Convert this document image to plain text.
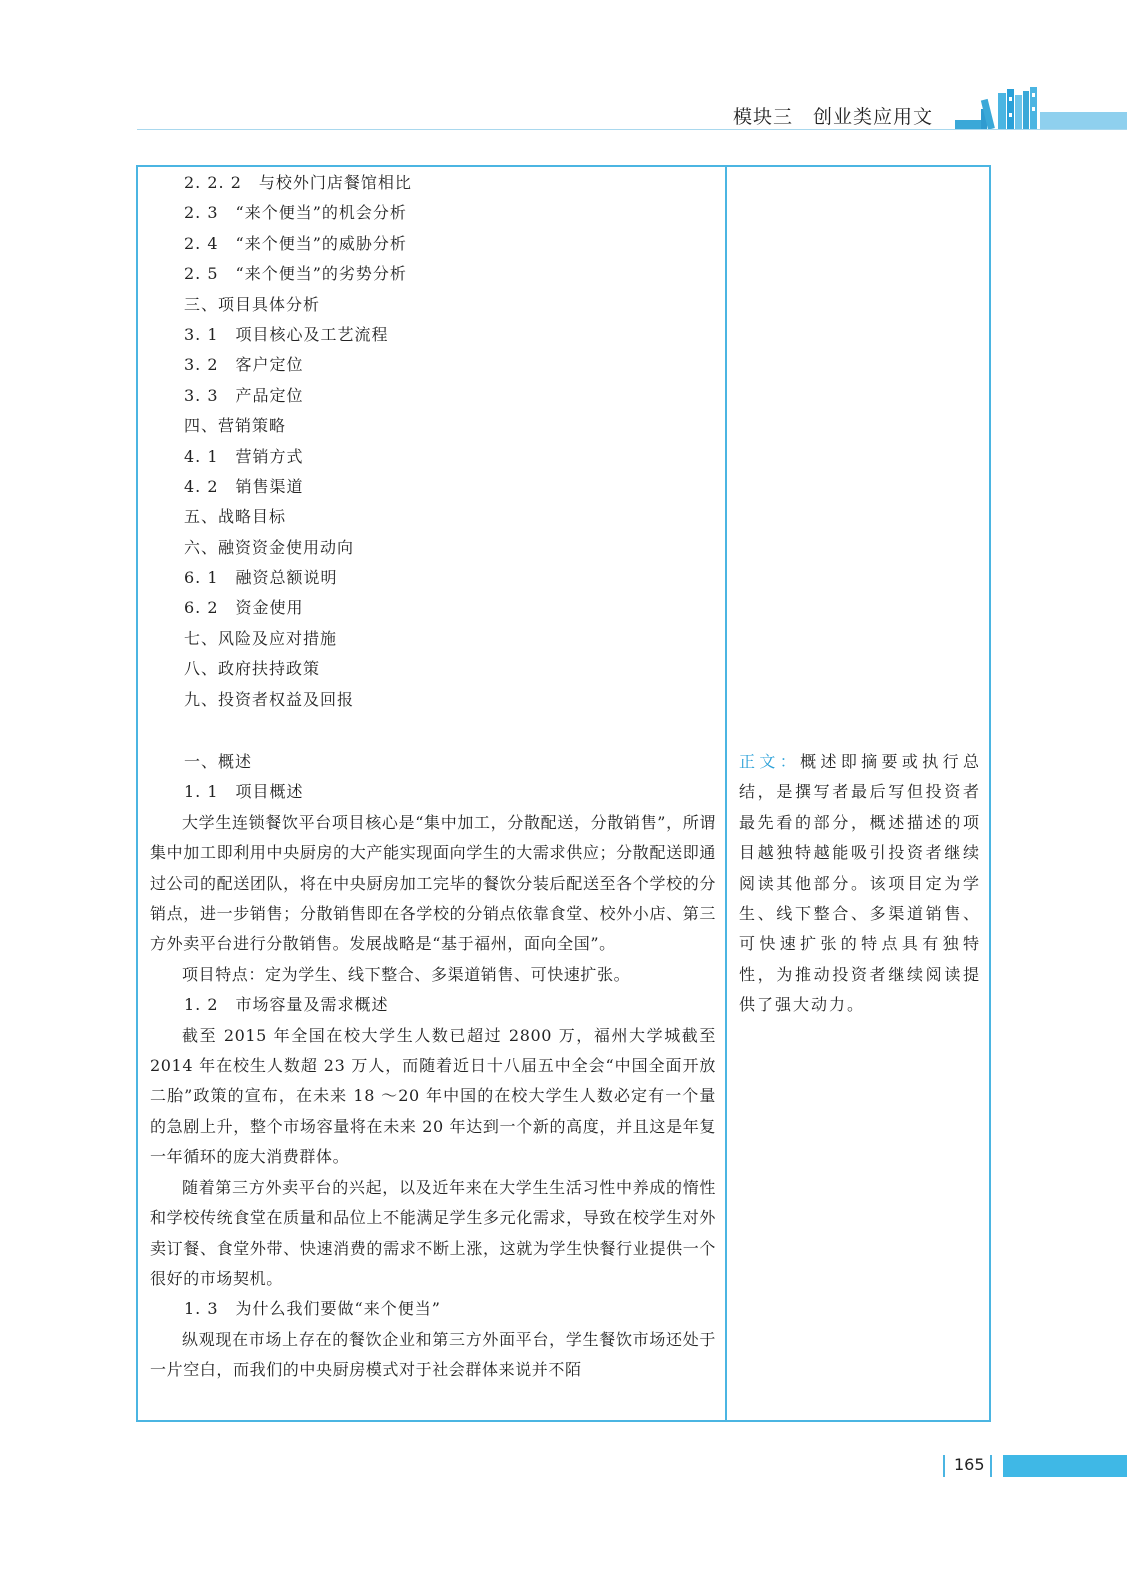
模块三　创业类应用文
2. 2. 2　与校外门店餐馆相比
2. 3　“来个便当”的机会分析
2. 4　“来个便当”的威胁分析
2. 5　“来个便当”的劣势分析
三、项目具体分析
3. 1　项目核心及工艺流程
3. 2　客户定位
3. 3　产品定位
四、营销策略
4. 1　营销方式
4. 2　销售渠道
五、战略目标
六、融资资金使用动向
6. 1　融资总额说明
6. 2　资金使用
七、风险及应对措施
八、政府扶持政策
九、投资者权益及回报

一、概述

1. 1　项目概述

大学生连锁餐饮平台项目核心是“集中加工，分散配送，分散销售”，所谓集中加工即利用中央厨房的大产能实现面向学生的大需求供应；分散配送即通过公司的配送团队，将在中央厨房加工完毕的餐饮分装后配送至各个学校的分销点，进一步销售；分散销售即在各学校的分销点依靠食堂、校外小店、第三方外卖平台进行分散销售。发展战略是“基于福州，面向全国”。

项目特点：定为学生、线下整合、多渠道销售、可快速扩张。

1. 2　市场容量及需求概述

截至 2015 年全国在校大学生人数已超过 2800 万，福州大学城截至 2014 年在校生人数超 23 万人，而随着近日十八届五中全会“中国全面开放二胎”政策的宣布，在未来 18 ～20 年中国的在校大学生人数必定有一个量的急剧上升，整个市场容量将在未来 20 年达到一个新的高度，并且这是年复一年循环的庞大消费群体。

随着第三方外卖平台的兴起，以及近年来在大学生生活习性中养成的惰性和学校传统食堂在质量和品位上不能满足学生多元化需求，导致在校学生对外卖订餐、食堂外带、快速消费的需求不断上涨，这就为学生快餐行业提供一个很好的市场契机。

1. 3　为什么我们要做“来个便当”

纵观现在市场上存在的餐饮企业和第三方外面平台，学生餐饮市场还处于一片空白，而我们的中央厨房模式对于社会群体来说并不陌

正文：概述即摘要或执行总结，是撰写者最后写但投资者最先看的部分，概述描述的项目越独特越能吸引投资者继续阅读其他部分。该项目定为学生、线下整合、多渠道销售、可快速扩张的特点具有独特性，为推动投资者继续阅读提供了强大动力。
165
